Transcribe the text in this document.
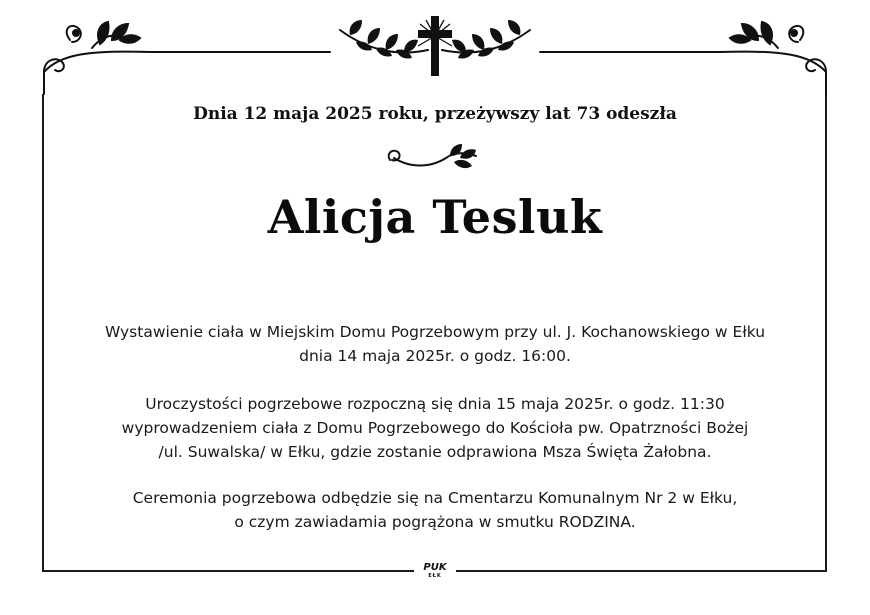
Dnia 12 maja 2025 roku, przeżywszy lat 73 odeszła
Alicja Tesluk
Wystawienie ciała w Miejskim Domu Pogrzebowym przy ul. J. Kochanowskiego w Ełku
dnia 14 maja 2025r. o godz. 16:00.
Uroczystości pogrzebowe rozpoczną się dnia 15 maja 2025r. o godz. 11:30
wyprowadzeniem ciała z Domu Pogrzebowego do Kościoła pw. Opatrzności Bożej
/ul. Suwalska/ w Ełku, gdzie zostanie odprawiona Msza Święta Żałobna.
Ceremonia pogrzebowa odbędzie się na Cmentarzu Komunalnym Nr 2 w Ełku,
o czym zawiadamia pogrążona w smutku RODZINA.
PUK
EŁK
